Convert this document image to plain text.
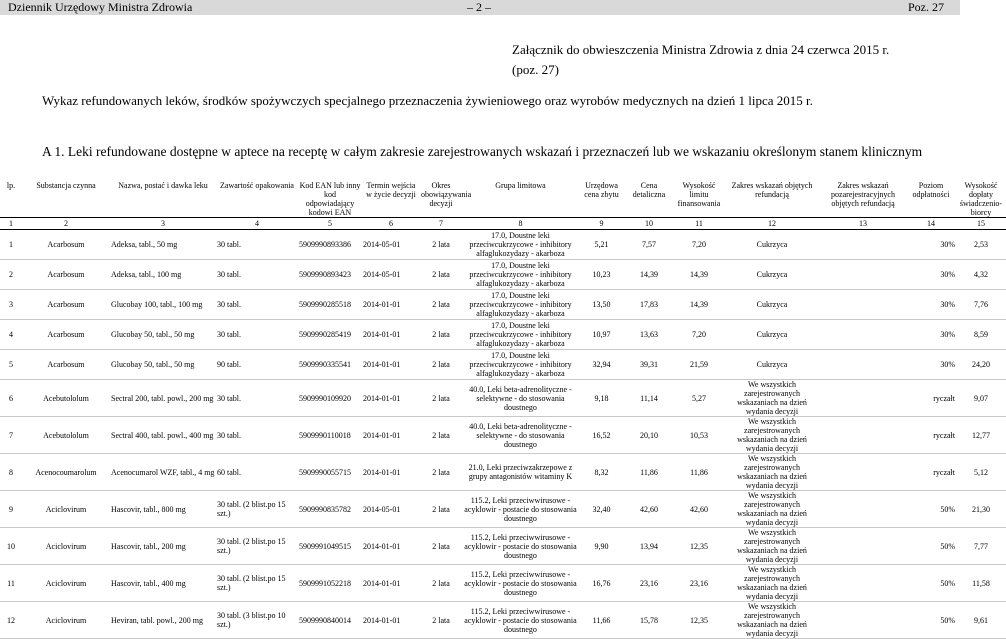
Dziennik Urzędowy Ministra Zdrowia	– 2 –	Poz. 27
Załącznik do obwieszczenia Ministra Zdrowia z dnia 24 czerwca 2015 r.
(poz. 27)
Wykaz refundowanych leków, środków spożywczych specjalnego przeznaczenia żywieniowego oraz wyrobów medycznych na dzień 1 lipca 2015 r.
A 1. Leki refundowane dostępne w aptece na receptę w całym zakresie zarejestrowanych wskazań i przeznaczeń lub we wskazaniu określonym stanem klinicznym
lp.	Substancja czynna	Nazwa, postać i dawka leku	Zawartość opakowania	Kod EAN lub inny kod odpowiadający kodowi EAN	Termin wejścia w życie decyzji	Okres obowiązywania decyzji	Grupa limitowa	Urzędowa cena zbytu	Cena detaliczna	Wysokość limitu finansowania	Zakres wskazań objętych refundacją	Zakres wskazań pozarejestracyjnych objętych refundacją	Poziom odpłatności	Wysokość dopłaty świadczenio-biorcy
1	2	3	4	5	6	7	8	9	10	11	12	13	14	15
1	Acarbosum	Adeksa, tabl., 50 mg	30 tabl.	5909990893386	2014-05-01	2 lata	17.0, Doustne leki przeciwcukrzycowe - inhibitory alfaglukozydazy - akarboza	5,21	7,57	7,20	Cukrzyca		30%	2,53
2	Acarbosum	Adeksa, tabl., 100 mg	30 tabl.	5909990893423	2014-05-01	2 lata	17.0, Doustne leki przeciwcukrzycowe - inhibitory alfaglukozydazy - akarboza	10,23	14,39	14,39	Cukrzyca		30%	4,32
3	Acarbosum	Glucobay 100, tabl., 100 mg	30 tabl.	5909990285518	2014-01-01	2 lata	17.0, Doustne leki przeciwcukrzycowe - inhibitory alfaglukozydazy - akarboza	13,50	17,83	14,39	Cukrzyca		30%	7,76
4	Acarbosum	Glucobay 50, tabl., 50 mg	30 tabl.	5909990285419	2014-01-01	2 lata	17.0, Doustne leki przeciwcukrzycowe - inhibitory alfaglukozydazy - akarboza	10,97	13,63	7,20	Cukrzyca		30%	8,59
5	Acarbosum	Glucobay 50, tabl., 50 mg	90 tabl.	5909990335541	2014-01-01	2 lata	17.0, Doustne leki przeciwcukrzycowe - inhibitory alfaglukozydazy - akarboza	32,94	39,31	21,59	Cukrzyca		30%	24,20
6	Acebutololum	Sectral 200, tabl. powl., 200 mg	30 tabl.	5909990109920	2014-01-01	2 lata	40.0, Leki beta-adrenolityczne - selektywne - do stosowania doustnego	9,18	11,14	5,27	We wszystkich zarejestrowanych wskazaniach na dzień wydania decyzji		ryczałt	9,07
7	Acebutololum	Sectral 400, tabl. powl., 400 mg	30 tabl.	5909990110018	2014-01-01	2 lata	40.0, Leki beta-adrenolityczne - selektywne - do stosowania doustnego	16,52	20,10	10,53	We wszystkich zarejestrowanych wskazaniach na dzień wydania decyzji		ryczałt	12,77
8	Acenocoumarolum	Acenocumarol WZF, tabl., 4 mg	60 tabl.	5909990055715	2014-01-01	2 lata	21.0, Leki przeciwzakrzepowe z grupy antagonistów witaminy K	8,32	11,86	11,86	We wszystkich zarejestrowanych wskazaniach na dzień wydania decyzji		ryczałt	5,12
9	Aciclovirum	Hascovir, tabl., 800 mg	30 tabl. (2 blist.po 15 szt.)	5909990835782	2014-05-01	2 lata	115.2, Leki przeciwwirusowe - acyklowir - postacie do stosowania doustnego	32,40	42,60	42,60	We wszystkich zarejestrowanych wskazaniach na dzień wydania decyzji		50%	21,30
10	Aciclovirum	Hascovir, tabl., 200 mg	30 tabl. (2 blist.po 15 szt.)	5909991049515	2014-01-01	2 lata	115.2, Leki przeciwwirusowe - acyklowir - postacie do stosowania doustnego	9,90	13,94	12,35	We wszystkich zarejestrowanych wskazaniach na dzień wydania decyzji		50%	7,77
11	Aciclovirum	Hascovir, tabl., 400 mg	30 tabl. (2 blist.po 15 szt.)	5909991052218	2014-01-01	2 lata	115.2, Leki przeciwwirusowe - acyklowir - postacie do stosowania doustnego	16,76	23,16	23,16	We wszystkich zarejestrowanych wskazaniach na dzień wydania decyzji		50%	11,58
12	Aciclovirum	Heviran, tabl. powl., 200 mg	30 tabl. (3 blist.po 10 szt.)	5909990840014	2014-01-01	2 lata	115.2, Leki przeciwwirusowe - acyklowir - postacie do stosowania doustnego	11,66	15,78	12,35	We wszystkich zarejestrowanych wskazaniach na dzień wydania decyzji		50%	9,61
